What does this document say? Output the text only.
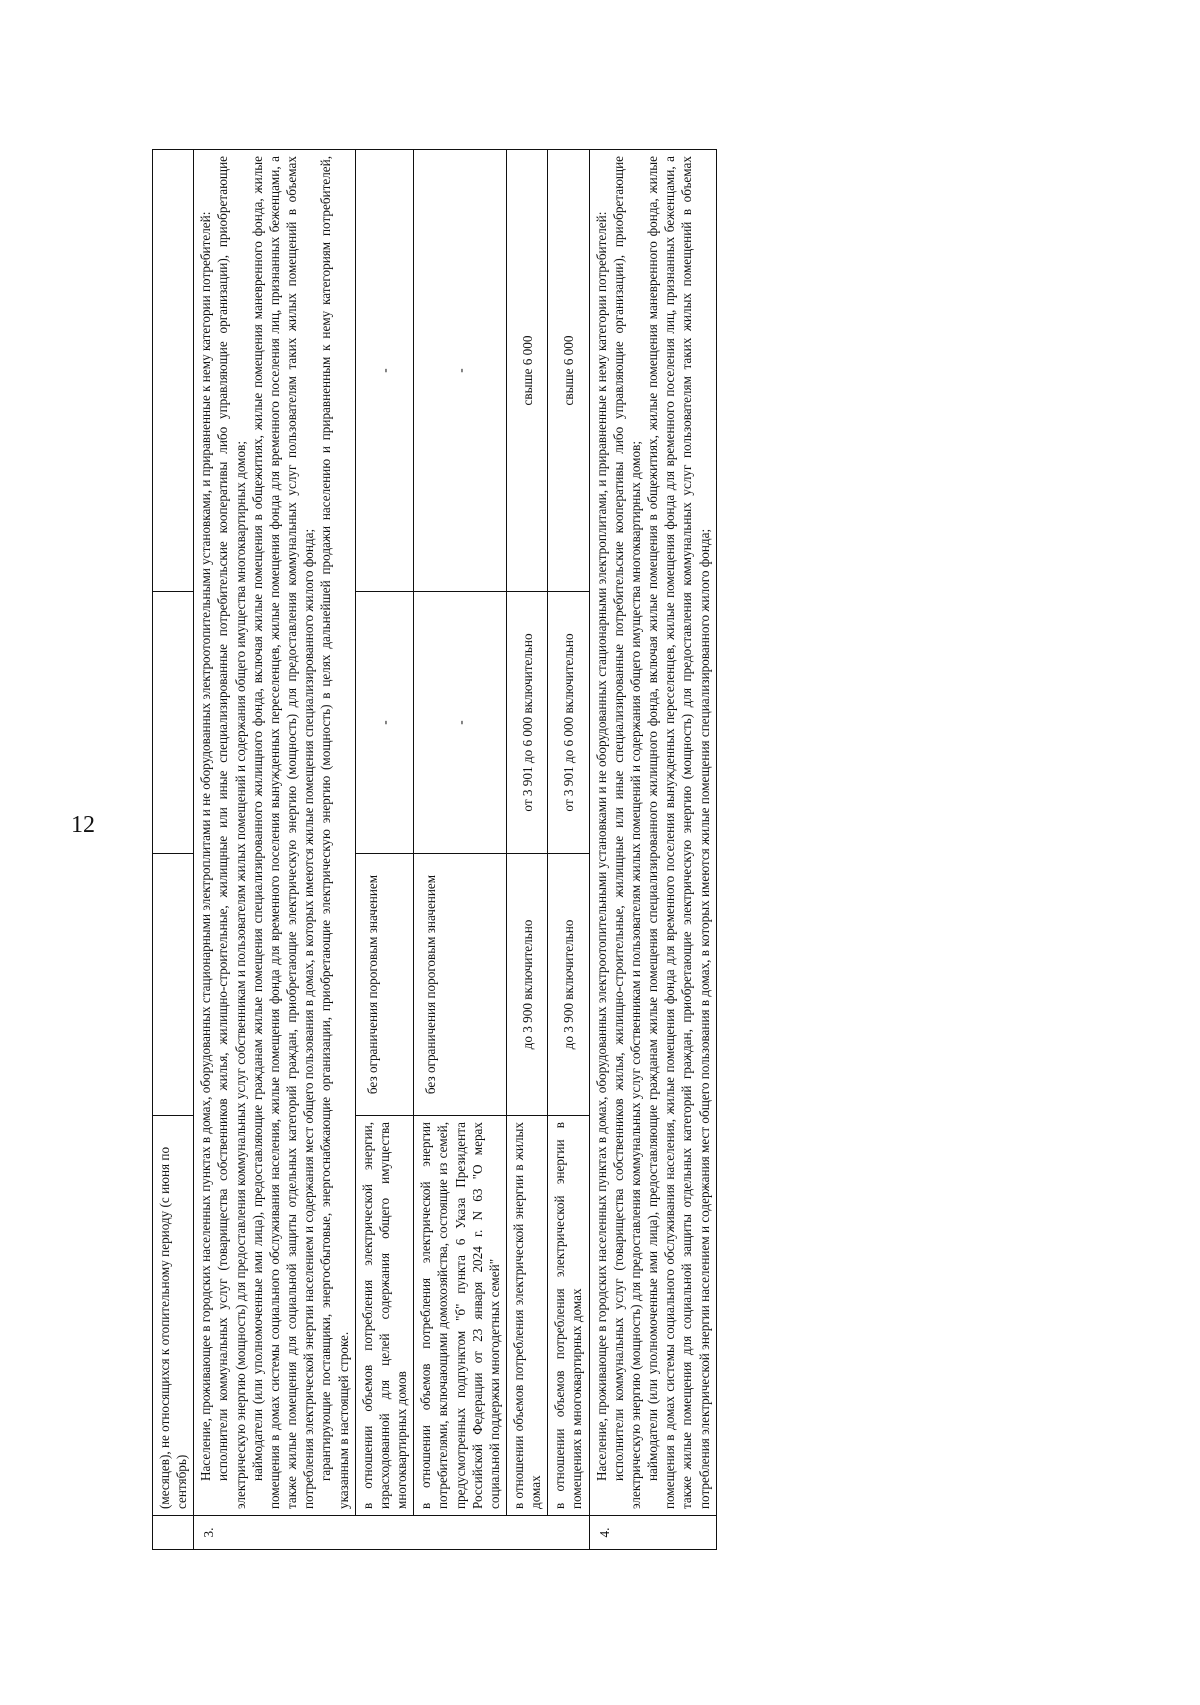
12
	(месяцев), не относящихся к отопительному периоду (с июня по сентябрь)			
3.	Население, проживающее в городских населенных пунктах в домах, оборудованных стационарными электроплитами и не оборудованных электроотопительными установками, и приравненные к нему категории потребителей: исполнители коммунальных услуг (товарищества собственников жилья, жилищно-строительные, жилищные или иные специализированные потребительские кооперативы либо управляющие организации), приобретающие электрическую энергию (мощность) для предоставления коммунальных услуг собственникам и пользователям жилых помещений и содержания общего имущества многоквартирных домов; наймодатели (или уполномоченные ими лица), предоставляющие гражданам жилые помещения специализированного жилищного фонда, включая жилые помещения в общежитиях, жилые помещения маневренного фонда, жилые помещения в домах системы социального обслуживания населения, жилые помещения фонда для временного поселения вынужденных переселенцев, жилые помещения фонда для временного поселения лиц, признанных беженцами, а также жилые помещения для социальной защиты отдельных категорий граждан, приобретающие электрическую энергию (мощность) для предоставления коммунальных услуг пользователям таких жилых помещений в объемах потребления электрической энергии населением и содержания мест общего пользования в домах, в которых имеются жилые помещения специализированного жилого фонда; гарантирующие поставщики, энергосбытовые, энергоснабжающие организации, приобретающие электрическую энергию (мощность) в целях дальнейшей продажи населению и приравненным к нему категориям потребителей, указанным в настоящей строке.			

	в отношении объемов потребления электрической энергии, израсходованной для целей содержания общего имущества многоквартирных домов	без ограничения пороговым значением	-	-
	в отношении объемов потребления электрической энергии потребителями, включающими домохозяйства, состоящие из семей, предусмотренных подпунктом "б" пункта 6 Указа Президента Российской Федерации от 23 января 2024 г. N 63 "О мерах социальной поддержки многодетных семей"	без ограничения пороговым значением	-	-
	в отношении объемов потребления электрической энергии в жилых домах	до 3 900 включительно	от 3 901 до 6 000 включительно	свыше 6 000
	в отношении объемов потребления электрической энергии в помещениях в многоквартирных домах	до 3 900 включительно	от 3 901 до 6 000 включительно	свыше 6 000
4.	Население, проживающее в городских населенных пунктах в домах, оборудованных электроотопительными установками и не оборудованных стационарными электроплитами, и приравненные к нему категории потребителей: исполнители коммунальных услуг (товарищества собственников жилья, жилищно-строительные, жилищные или иные специализированные потребительские кооперативы либо управляющие организации), приобретающие электрическую энергию (мощность) для предоставления коммунальных услуг собственникам и пользователям жилых помещений и содержания общего имущества многоквартирных домов; наймодатели (или уполномоченные ими лица), предоставляющие гражданам жилые помещения специализированного жилищного фонда, включая жилые помещения в общежитиях, жилые помещения маневренного фонда, жилые помещения в домах системы социального обслуживания населения, жилые помещения фонда для временного поселения вынужденных переселенцев, жилые помещения фонда для временного поселения лиц, признанных беженцами, а также жилые помещения для социальной защиты отдельных категорий граждан, приобретающие электрическую энергию (мощность) для предоставления коммунальных услуг пользователям таких жилых помещений в объемах потребления электрической энергии населением и содержания мест общего пользования в домах, в которых имеются жилые помещения специализированного жилого фонда;			
